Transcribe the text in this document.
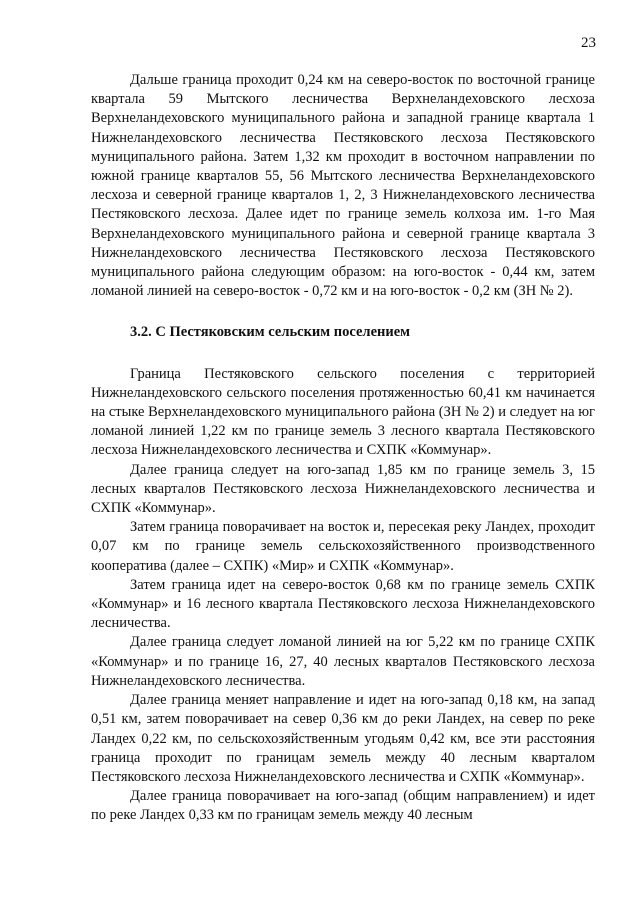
23

Дальше граница проходит 0,24 км на северо-восток по восточной границе квартала 59 Мытского лесничества Верхнеландеховского лесхоза Верхнеландеховского муниципального района и западной границе квартала 1 Нижнеландеховского лесничества Пестяковского лесхоза Пестяковского муниципального района. Затем 1,32 км проходит в восточном направлении по южной границе кварталов 55, 56 Мытского лесничества Верхнеландеховского лесхоза и северной границе кварталов 1, 2, 3 Нижнеландеховского лесничества Пестяковского лесхоза. Далее идет по границе земель колхоза им. 1-го Мая Верхнеландеховского муниципального района и северной границе квартала 3 Нижнеландеховского лесничества Пестяковского лесхоза Пестяковского муниципального района следующим образом: на юго-восток - 0,44 км, затем ломаной линией на северо-восток - 0,72 км и на юго-восток - 0,2 км (ЗН № 2).

3.2. С Пестяковским сельским поселением

Граница Пестяковского сельского поселения с территорией Нижнеландеховского сельского поселения протяженностью 60,41 км начинается на стыке Верхнеландеховского муниципального района (ЗН № 2) и следует на юг ломаной линией 1,22 км по границе земель 3 лесного квартала Пестяковского лесхоза Нижнеландеховского лесничества и СХПК «Коммунар».

Далее граница следует на юго-запад 1,85 км по границе земель 3, 15 лесных кварталов Пестяковского лесхоза Нижнеландеховского лесничества и СХПК «Коммунар».

Затем граница поворачивает на восток и, пересекая реку Ландех, проходит 0,07 км по границе земель сельскохозяйственного производственного кооператива (далее – СХПК) «Мир» и СХПК «Коммунар».

Затем граница идет на северо-восток 0,68 км по границе земель СХПК «Коммунар» и 16 лесного квартала Пестяковского лесхоза Нижнеландеховского лесничества.

Далее граница следует ломаной линией на юг 5,22 км по границе СХПК «Коммунар» и по границе 16, 27, 40 лесных кварталов Пестяковского лесхоза Нижнеландеховского лесничества.

Далее граница меняет направление и идет на юго-запад 0,18 км, на запад 0,51 км, затем поворачивает на север 0,36 км до реки Ландех, на север по реке Ландех 0,22 км, по сельскохозяйственным угодьям 0,42 км, все эти расстояния граница проходит по границам земель между 40 лесным кварталом Пестяковского лесхоза Нижнеландеховского лесничества и СХПК «Коммунар».

Далее граница поворачивает на юго-запад (общим направлением) и идет по реке Ландех 0,33 км по границам земель между 40 лесным
